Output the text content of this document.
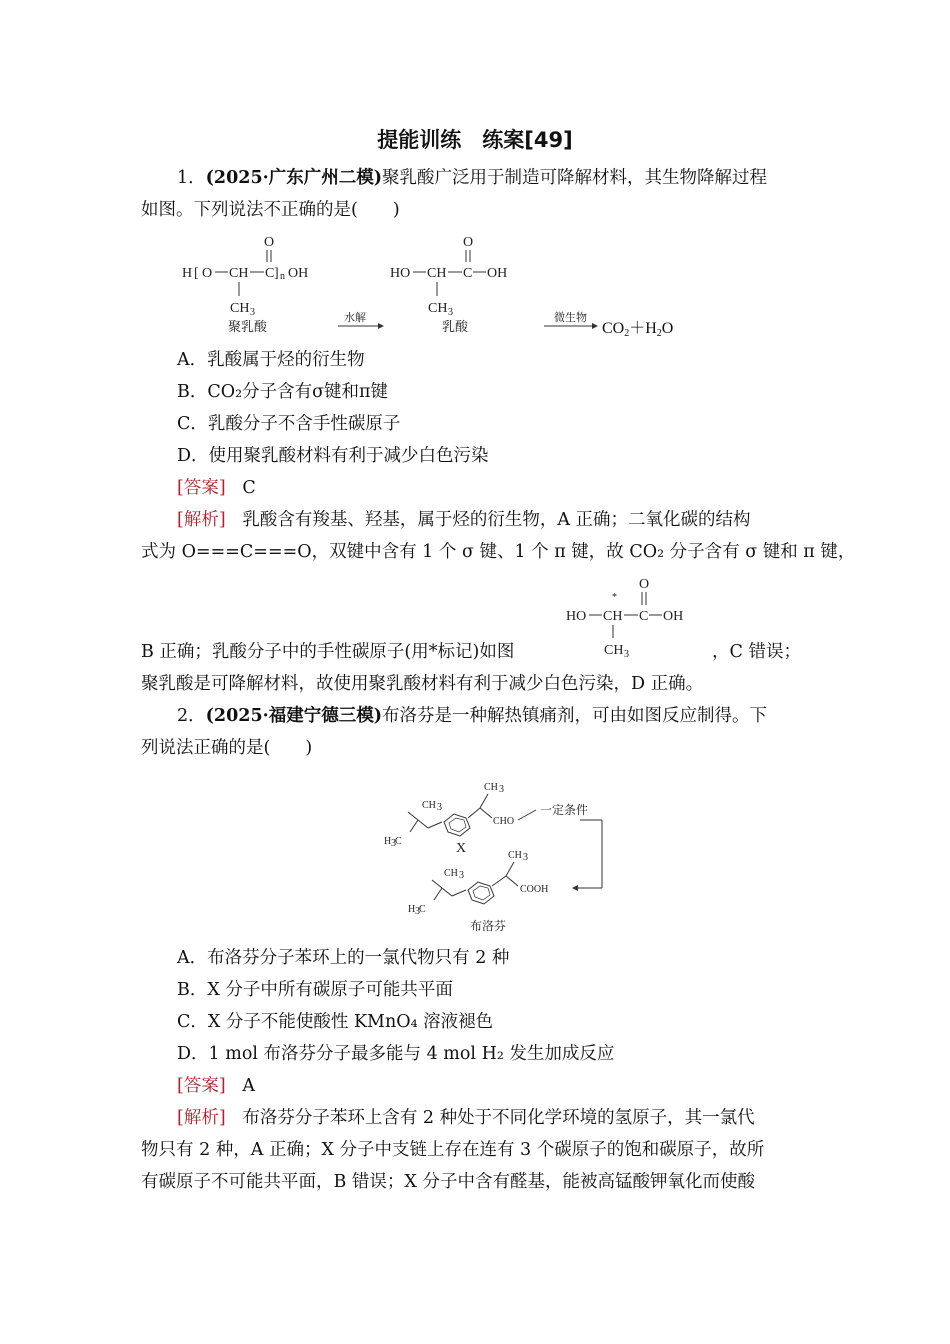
提能训练　练案[49]
1．(2025·广东广州二模)聚乳酸广泛用于制造可降解材料，其生物降解过程
如图。下列说法不正确的是(　　)
H [ O CH C ] n OH
O
CH 3
聚乳酸
水解
HO CH C OH
O
CH 3
乳酸
微生物
CO2＋H2O
A．乳酸属于烃的衍生物
B．CO₂分子含有σ键和π键
C．乳酸分子不含手性碳原子
D．使用聚乳酸材料有利于减少白色污染
[答案] C
[解析] 乳酸含有羧基、羟基，属于烃的衍生物，A 正确；二氧化碳的结构
式为 O===C===O，双键中含有 1 个 σ 键、1 个 π 键，故 CO₂ 分子含有 σ 键和 π 键，
*
HO CH C OH
O
CH 3
B 正确；乳酸分子中的手性碳原子(用*标记)如图	，C 错误；
聚乳酸是可降解材料，故使用聚乳酸材料有利于减少白色污染，D 正确。
2．(2025·福建宁德三模)布洛芬是一种解热镇痛剂，可由如图反应制得。下
列说法正确的是(　　)
CH 3
H 3 C
CH 3
CHO
X
一定条件
CH 3
H 3 C
CH 3
COOH
布洛芬
A．布洛芬分子苯环上的一氯代物只有 2 种
B．X 分子中所有碳原子可能共平面
C．X 分子不能使酸性 KMnO₄ 溶液褪色
D．1 mol 布洛芬分子最多能与 4 mol H₂ 发生加成反应
[答案] A
[解析] 布洛芬分子苯环上含有 2 种处于不同化学环境的氢原子，其一氯代
物只有 2 种，A 正确；X 分子中支链上存在连有 3 个碳原子的饱和碳原子，故所
有碳原子不可能共平面，B 错误；X 分子中含有醛基，能被高锰酸钾氧化而使酸
